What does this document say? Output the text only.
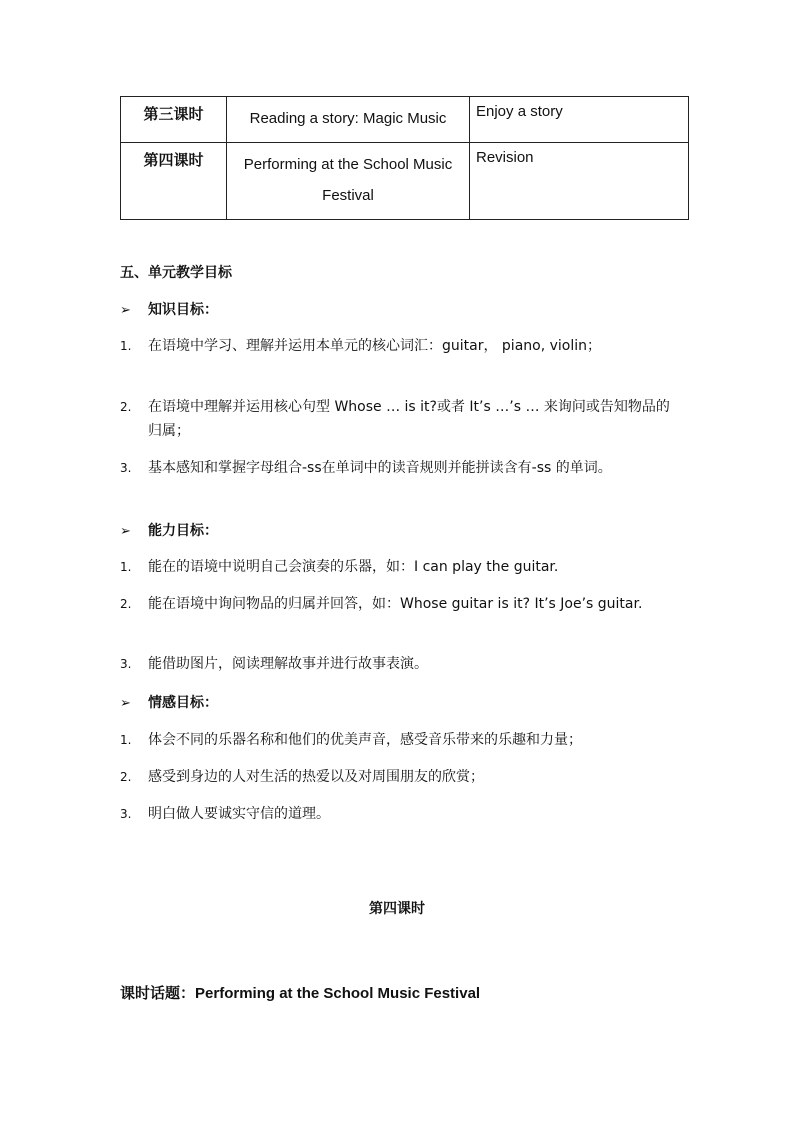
第三课时	Reading a story: Magic Music	Enjoy a story
第四课时	Performing at the School Music Festival	Revision
五、单元教学目标
➢ 知识目标：
1. 在语境中学习、理解并运用本单元的核心词汇：guitar， piano, violin；
2. 在语境中理解并运用核心句型 Whose … is it?或者 It’s …’s … 来询问或告知物品的归属；
3. 基本感知和掌握字母组合-ss在单词中的读音规则并能拼读含有-ss 的单词。
➢ 能力目标：
1. 能在的语境中说明自己会演奏的乐器，如：I can play the guitar.
2. 能在语境中询问物品的归属并回答，如：Whose guitar is it? It’s Joe’s guitar.
3. 能借助图片，阅读理解故事并进行故事表演。
➢ 情感目标：
1. 体会不同的乐器名称和他们的优美声音，感受音乐带来的乐趣和力量；
2. 感受到身边的人对生活的热爱以及对周围朋友的欣赏；
3. 明白做人要诚实守信的道理。
第四课时
课时话题：Performing at the School Music Festival
